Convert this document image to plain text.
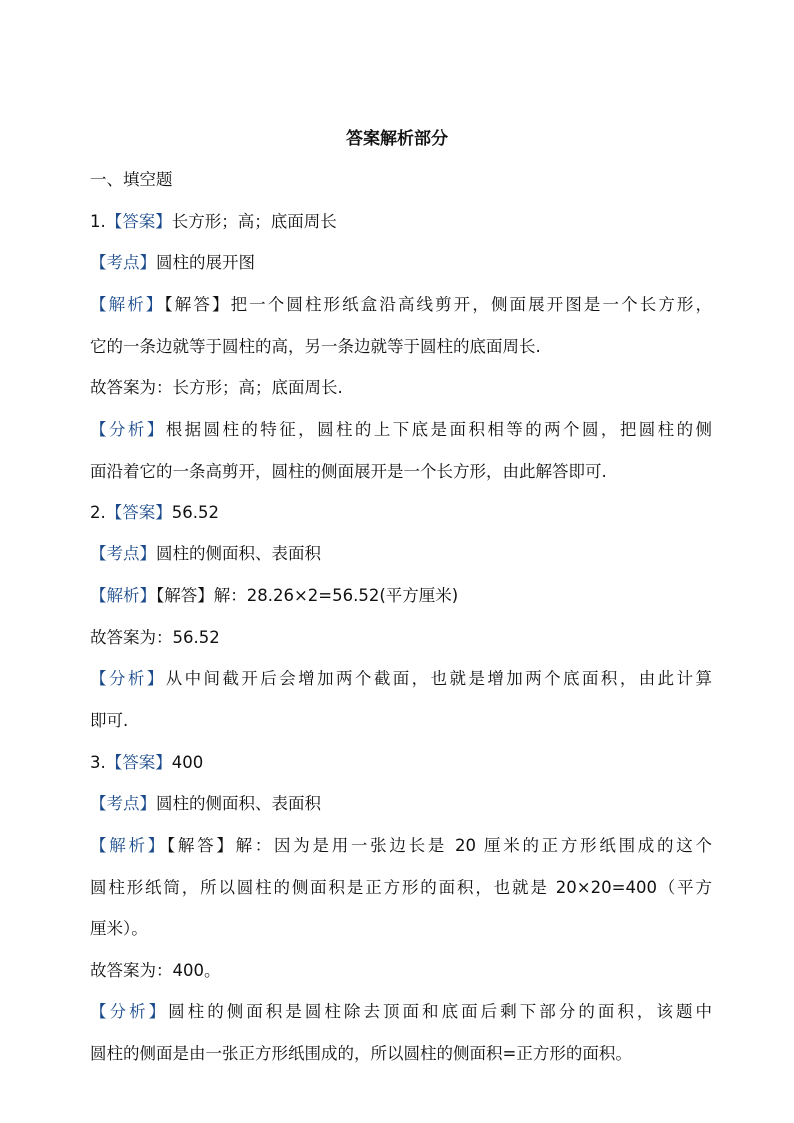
答案解析部分
一、填空题
1.【答案】长方形；高；底面周长
【考点】圆柱的展开图
【解析】【解答】把一个圆柱形纸盒沿高线剪开，侧面展开图是一个长方形，
它的一条边就等于圆柱的高，另一条边就等于圆柱的底面周长.
故答案为：长方形；高；底面周长.
【分析】根据圆柱的特征，圆柱的上下底是面积相等的两个圆，把圆柱的侧
面沿着它的一条高剪开，圆柱的侧面展开是一个长方形，由此解答即可.
2.【答案】56.52
【考点】圆柱的侧面积、表面积
【解析】【解答】解：28.26×2=56.52(平方厘米)
故答案为：56.52
【分析】从中间截开后会增加两个截面，也就是增加两个底面积，由此计算
即可.
3.【答案】400
【考点】圆柱的侧面积、表面积
【解析】【解答】解：因为是用一张边长是 20 厘米的正方形纸围成的这个
圆柱形纸筒，所以圆柱的侧面积是正方形的面积，也就是 20×20=400（平方
厘米）。
故答案为：400。
【分析】圆柱的侧面积是圆柱除去顶面和底面后剩下部分的面积，该题中
圆柱的侧面是由一张正方形纸围成的，所以圆柱的侧面积=正方形的面积。
